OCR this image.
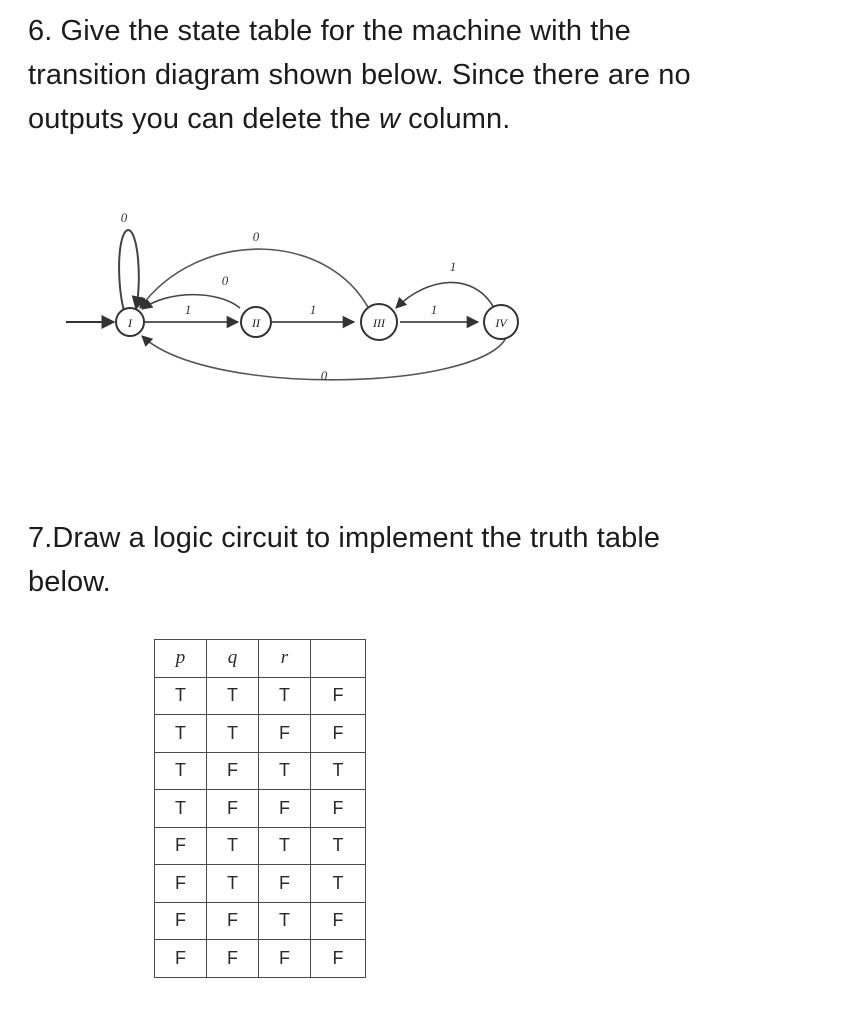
6. Give the state table for the machine with the
transition diagram shown below. Since there are no
outputs you can delete the w column.

0
1
0
0
1	1
1
0
I	II	III	IV

7.Draw a logic circuit to implement the truth table
below.

p	q	r	
T	T	T	F
T	T	F	F
T	F	T	T
T	F	F	F
F	T	T	T
F	T	F	T
F	F	T	F
F	F	F	F
